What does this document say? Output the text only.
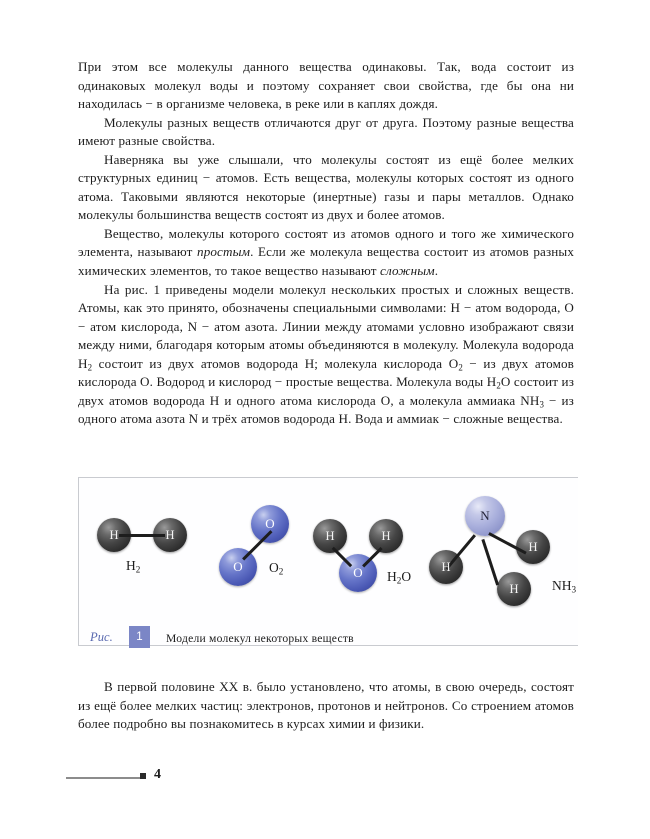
При этом все молекулы данного вещества одинаковы. Так, вода состоит из одинаковых молекул воды и поэтому сохраняет свои свойства, где бы она ни находилась − в организме человека, в реке или в каплях дождя.

Молекулы разных веществ отличаются друг от друга. Поэтому разные вещества имеют разные свойства.

Наверняка вы уже слышали, что молекулы состоят из ещё более мелких структурных единиц − атомов. Есть вещества, молекулы которых состоят из одного атома. Таковыми являются некоторые (инертные) газы и пары металлов. Однако молекулы большинства веществ состоят из двух и более атомов.

Вещество, молекулы которого состоят из атомов одного и того же химического элемента, называют простым. Если же молекула вещества состоит из атомов разных химических элементов, то такое вещество называют сложным.

На рис. 1 приведены модели молекул нескольких простых и сложных веществ. Атомы, как это принято, обозначены специальными символами: H − атом водорода, O − атом кислорода, N − атом азота. Линии между атомами условно изображают связи между ними, благодаря которым атомы объединяются в молекулу. Молекула водорода $H_2$ состоит из двух атомов водорода H; молекула кислорода $O_2$ − из двух атомов кислорода O. Водород и кислород − простые вещества. Молекула воды $H_2O$ состоит из двух атомов водорода H и одного атома кислорода O, а молекула аммиака $NH_3$ − из одного атома азота N и трёх атомов водорода H. Вода и аммиак − сложные вещества.

H	H
$H_2$
O
O $O_2$
H	H
O $H_2O$
N
H
H
H
$NH_3$
Рис.	1	Модели молекул некоторых веществ

В первой половине XX в. было установлено, что атомы, в свою очередь, состоят из ещё более мелких частиц: электронов, протонов и нейтронов. Со строением атомов более подробно вы познакомитесь в курсах химии и физики.

4
